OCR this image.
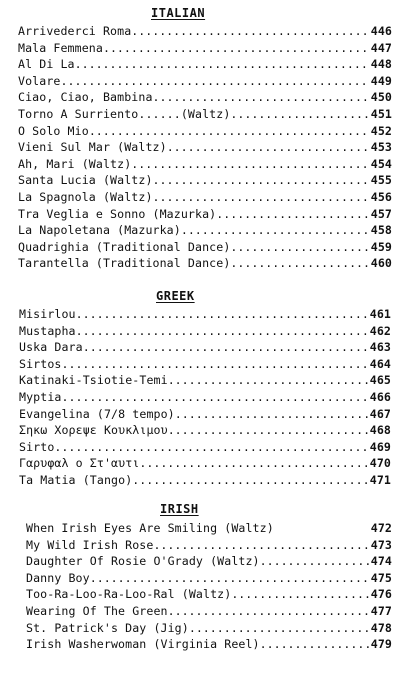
ITALIAN
Arrivederci Roma .....	446
Mala Femmena .....	447
Al Di La .....	448
Volare .....	449
Ciao, Ciao, Bambina .....	450
Torno A Surriento......(Waltz) .....	451
O Solo Mio .....	452
Vieni Sul Mar (Waltz) .....	453
Ah, Mari (Waltz) .....	454
Santa Lucia (Waltz) .....	455
La Spagnola (Waltz) .....	456
Tra Veglia e Sonno (Mazurka) .....	457
La Napoletana (Mazurka) .....	458
Quadrighia (Traditional Dance) .....	459
Tarantella (Traditional Dance) .....	460
GREEK
Misirlou .....	461
Mustapha .....	462
Uska Dara .....	463
Sirtos .....	464
Katinaki-Tsiotie-Temi .....	465
Myptia .....	466
Evangelina (7/8 tempo) .....	467
Σηκω Χορεψε Κουκλιμου .....	468
Sirto .....	469
Γαρυφαλ ο Στ'αυτι .....	470
Ta Matia (Tango) .....	471
IRISH
When Irish Eyes Are Smiling (Waltz)	472
My Wild Irish Rose .....	473
Daughter Of Rosie O'Grady (Waltz) .....	474
Danny Boy .....	475
Too-Ra-Loo-Ra-Loo-Ral (Waltz) .....	476
Wearing Of The Green .....	477
St. Patrick's Day (Jig) .....	478
Irish Washerwoman (Virginia Reel) .....	479
